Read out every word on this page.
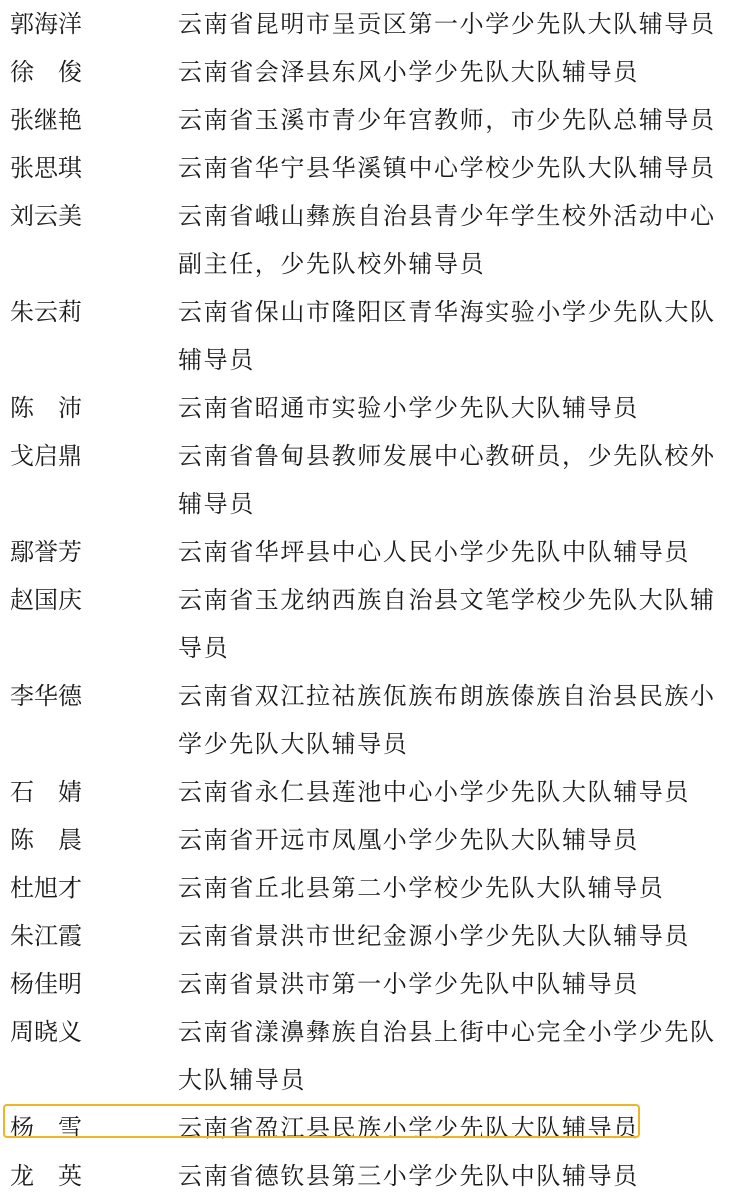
郭海洋	云南省昆明市呈贡区第一小学少先队大队辅导员
徐　俊	云南省会泽县东风小学少先队大队辅导员
张继艳	云南省玉溪市青少年宫教师，市少先队总辅导员
张思琪	云南省华宁县华溪镇中心学校少先队大队辅导员
刘云美	云南省峨山彝族自治县青少年学生校外活动中心副主任，少先队校外辅导员
朱云莉	云南省保山市隆阳区青华海实验小学少先队大队辅导员
陈　沛	云南省昭通市实验小学少先队大队辅导员
戈启鼎	云南省鲁甸县教师发展中心教研员，少先队校外辅导员
鄢誉芳	云南省华坪县中心人民小学少先队中队辅导员
赵国庆	云南省玉龙纳西族自治县文笔学校少先队大队辅导员
李华德	云南省双江拉祜族佤族布朗族傣族自治县民族小学少先队大队辅导员
石　婧	云南省永仁县莲池中心小学少先队大队辅导员
陈　晨	云南省开远市凤凰小学少先队大队辅导员
杜旭才	云南省丘北县第二小学校少先队大队辅导员
朱江霞	云南省景洪市世纪金源小学少先队大队辅导员
杨佳明	云南省景洪市第一小学少先队中队辅导员
周晓义	云南省漾濞彝族自治县上街中心完全小学少先队大队辅导员
杨　雪	云南省盈江县民族小学少先队大队辅导员
龙　英	云南省德钦县第三小学少先队中队辅导员
